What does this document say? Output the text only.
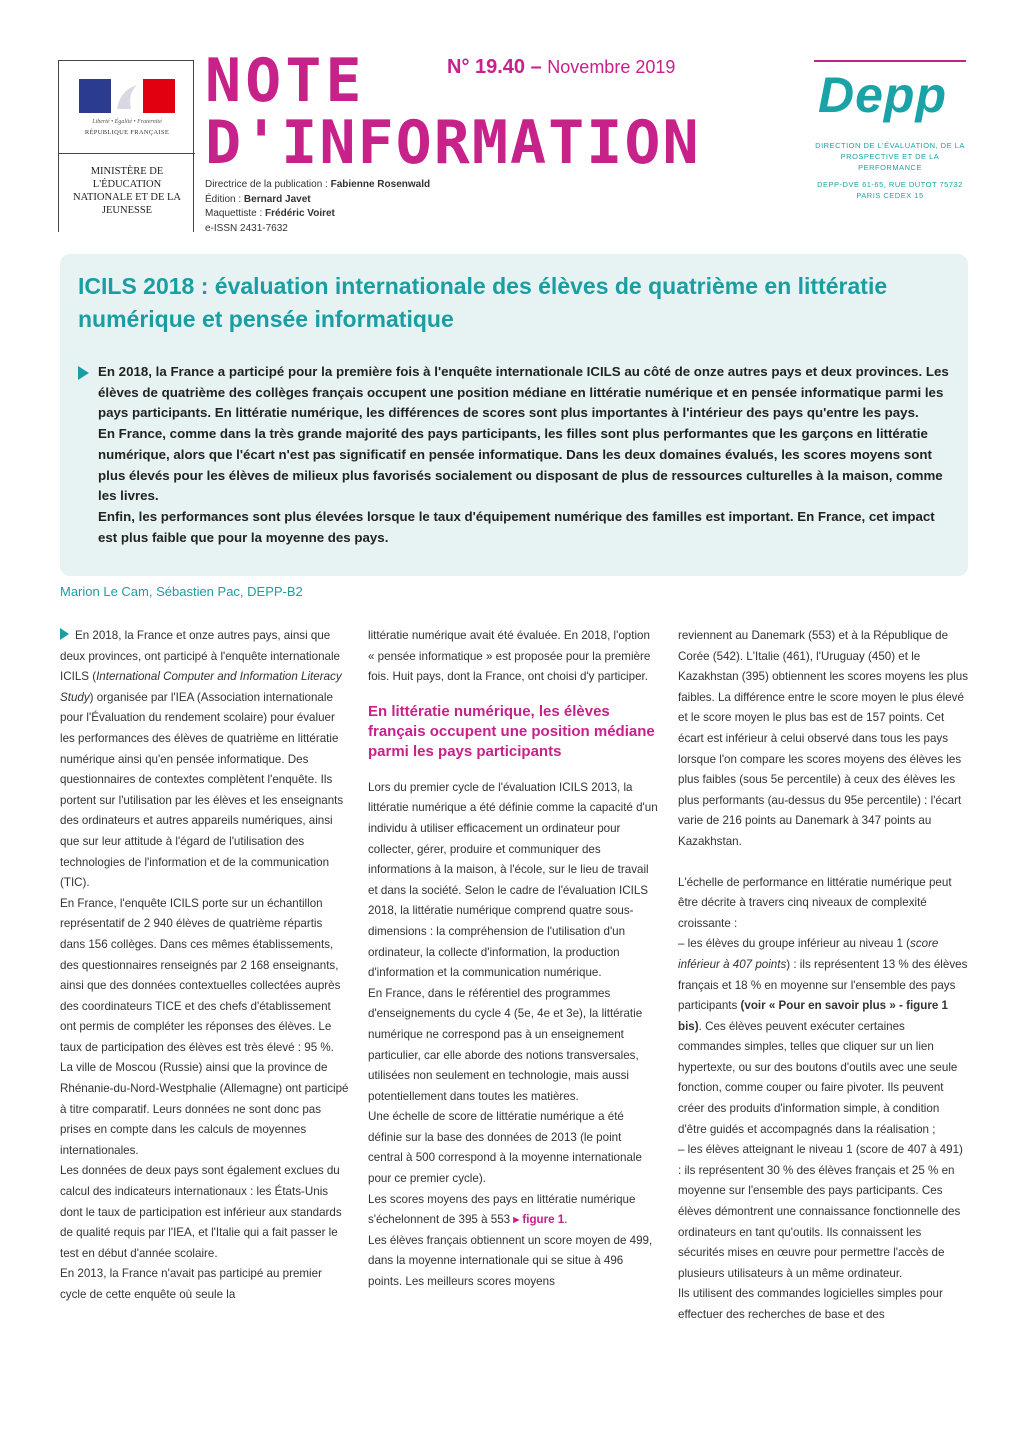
Liberté • Égalité • Fraternité
RÉPUBLIQUE FRANÇAISE
MINISTÈRE DE L'ÉDUCATION NATIONALE ET DE LA JEUNESSE
NOTE
D'INFORMATION
N° 19.40 – Novembre 2019
Directrice de la publication : Fabienne Rosenwald
Édition : Bernard Javet
Maquettiste : Frédéric Voiret
e-ISSN 2431-7632
Depp
DIRECTION DE L'ÉVALUATION, DE LA PROSPECTIVE ET DE LA PERFORMANCE
DEPP-DVE 61-65, RUE DUTOT 75732 PARIS CEDEX 15
ICILS 2018 : évaluation internationale des élèves de quatrième en littératie numérique et pensée informatique

En 2018, la France a participé pour la première fois à l'enquête internationale ICILS au côté de onze autres pays et deux provinces. Les élèves de quatrième des collèges français occupent une position médiane en littératie numérique et en pensée informatique parmi les pays participants. En littératie numérique, les différences de scores sont plus importantes à l'intérieur des pays qu'entre les pays.

En France, comme dans la très grande majorité des pays participants, les filles sont plus performantes que les garçons en littératie numérique, alors que l'écart n'est pas significatif en pensée informatique. Dans les deux domaines évalués, les scores moyens sont plus élevés pour les élèves de milieux plus favorisés socialement ou disposant de plus de ressources culturelles à la maison, comme les livres.

Enfin, les performances sont plus élevées lorsque le taux d'équipement numérique des familles est important. En France, cet impact est plus faible que pour la moyenne des pays.

Marion Le Cam, Sébastien Pac, DEPP-B2

En 2018, la France et onze autres pays, ainsi que deux provinces, ont participé à l'enquête internationale ICILS (International Computer and Information Literacy Study) organisée par l'IEA (Association internationale pour l'Évaluation du rendement scolaire) pour évaluer les performances des élèves de quatrième en littératie numérique ainsi qu'en pensée informatique. Des questionnaires de contextes complètent l'enquête. Ils portent sur l'utilisation par les élèves et les enseignants des ordinateurs et autres appareils numériques, ainsi que sur leur attitude à l'égard de l'utilisation des technologies de l'information et de la communication (TIC).

En France, l'enquête ICILS porte sur un échantillon représentatif de 2 940 élèves de quatrième répartis dans 156 collèges. Dans ces mêmes établissements, des questionnaires renseignés par 2 168 enseignants, ainsi que des données contextuelles collectées auprès des coordinateurs TICE et des chefs d'établissement ont permis de compléter les réponses des élèves. Le taux de participation des élèves est très élevé : 95 %.

La ville de Moscou (Russie) ainsi que la province de Rhénanie-du-Nord-Westphalie (Allemagne) ont participé à titre comparatif. Leurs données ne sont donc pas prises en compte dans les calculs de moyennes internationales.

Les données de deux pays sont également exclues du calcul des indicateurs internationaux : les États-Unis dont le taux de participation est inférieur aux standards de qualité requis par l'IEA, et l'Italie qui a fait passer le test en début d'année scolaire.

En 2013, la France n'avait pas participé au premier cycle de cette enquête où seule la

littératie numérique avait été évaluée. En 2018, l'option « pensée informatique » est proposée pour la première fois. Huit pays, dont la France, ont choisi d'y participer.

En littératie numérique, les élèves français occupent une position médiane parmi les pays participants

Lors du premier cycle de l'évaluation ICILS 2013, la littératie numérique a été définie comme la capacité d'un individu à utiliser efficacement un ordinateur pour collecter, gérer, produire et communiquer des informations à la maison, à l'école, sur le lieu de travail et dans la société. Selon le cadre de l'évaluation ICILS 2018, la littératie numérique comprend quatre sous-dimensions : la compréhension de l'utilisation d'un ordinateur, la collecte d'information, la production d'information et la communication numérique.

En France, dans le référentiel des programmes d'enseignements du cycle 4 (5e, 4e et 3e), la littératie numérique ne correspond pas à un enseignement particulier, car elle aborde des notions transversales, utilisées non seulement en technologie, mais aussi potentiellement dans toutes les matières.

Une échelle de score de littératie numérique a été définie sur la base des données de 2013 (le point central à 500 correspond à la moyenne internationale pour ce premier cycle).

Les scores moyens des pays en littératie numérique s'échelonnent de 395 à 553 ▸ figure 1.

Les élèves français obtiennent un score moyen de 499, dans la moyenne internationale qui se situe à 496 points. Les meilleurs scores moyens

reviennent au Danemark (553) et à la République de Corée (542). L'Italie (461), l'Uruguay (450) et le Kazakhstan (395) obtiennent les scores moyens les plus faibles. La différence entre le score moyen le plus élevé et le score moyen le plus bas est de 157 points. Cet écart est inférieur à celui observé dans tous les pays lorsque l'on compare les scores moyens des élèves les plus faibles (sous 5e percentile) à ceux des élèves les plus performants (au-dessus du 95e percentile) : l'écart varie de 216 points au Danemark à 347 points au Kazakhstan.

L'échelle de performance en littératie numérique peut être décrite à travers cinq niveaux de complexité croissante :

– les élèves du groupe inférieur au niveau 1 (score inférieur à 407 points) : ils représentent 13 % des élèves français et 18 % en moyenne sur l'ensemble des pays participants (voir « Pour en savoir plus » - figure 1 bis). Ces élèves peuvent exécuter certaines commandes simples, telles que cliquer sur un lien hypertexte, ou sur des boutons d'outils avec une seule fonction, comme couper ou faire pivoter. Ils peuvent créer des produits d'information simple, à condition d'être guidés et accompagnés dans la réalisation ;

– les élèves atteignant le niveau 1 (score de 407 à 491) : ils représentent 30 % des élèves français et 25 % en moyenne sur l'ensemble des pays participants. Ces élèves démontrent une connaissance fonctionnelle des ordinateurs en tant qu'outils. Ils connaissent les sécurités mises en œuvre pour permettre l'accès de plusieurs utilisateurs à un même ordinateur.

Ils utilisent des commandes logicielles simples pour effectuer des recherches de base et des
